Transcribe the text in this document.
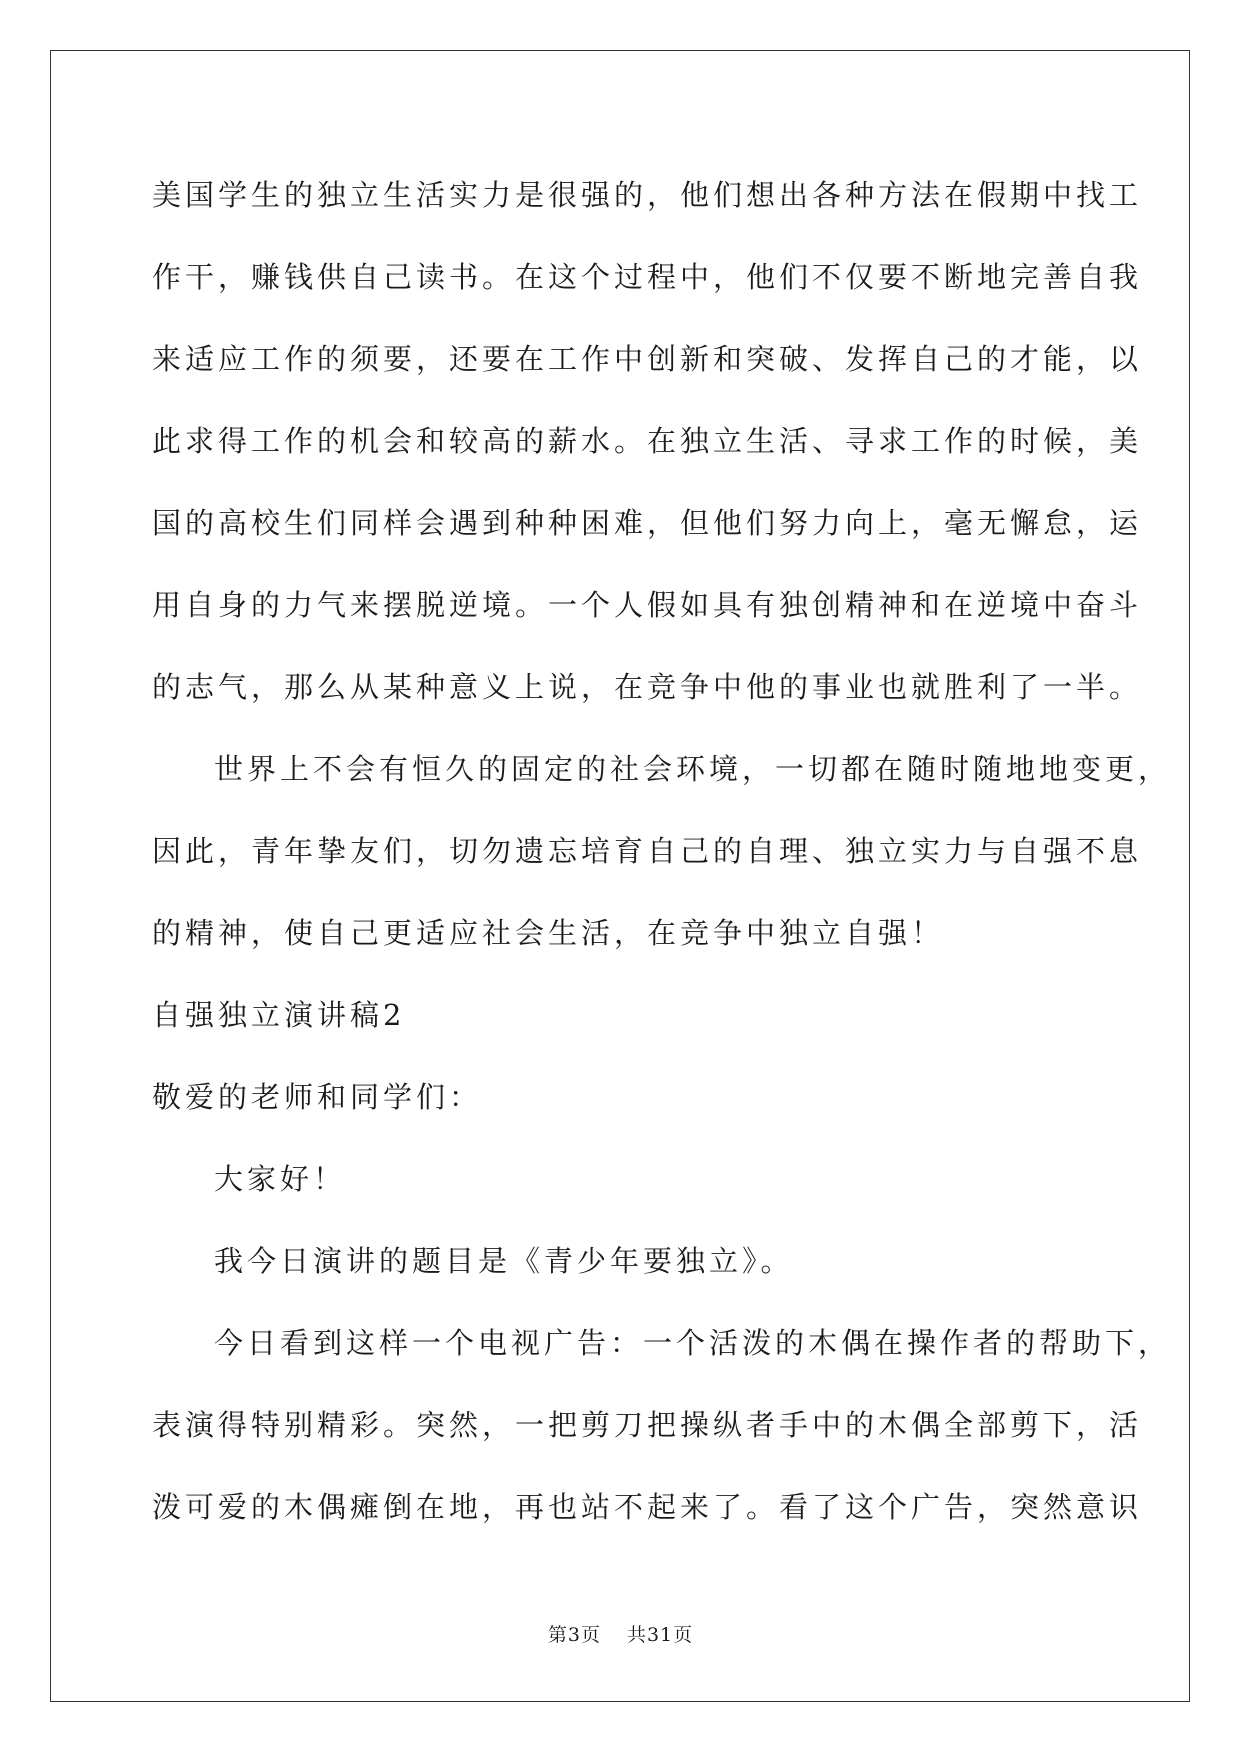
美国学生的独立生活实力是很强的，他们想出各种方法在假期中找工
作干，赚钱供自己读书。在这个过程中，他们不仅要不断地完善自我
来适应工作的须要，还要在工作中创新和突破、发挥自己的才能，以
此求得工作的机会和较高的薪水。在独立生活、寻求工作的时候，美
国的高校生们同样会遇到种种困难，但他们努力向上，毫无懈怠，运
用自身的力气来摆脱逆境。一个人假如具有独创精神和在逆境中奋斗
的志气，那么从某种意义上说，在竞争中他的事业也就胜利了一半。
世界上不会有恒久的固定的社会环境，一切都在随时随地地变更，
因此，青年挚友们，切勿遗忘培育自己的自理、独立实力与自强不息
的精神，使自己更适应社会生活，在竞争中独立自强！
自强独立演讲稿2
敬爱的老师和同学们：
大家好！
我今日演讲的题目是《青少年要独立》。
今日看到这样一个电视广告：一个活泼的木偶在操作者的帮助下，
表演得特别精彩。突然，一把剪刀把操纵者手中的木偶全部剪下，活
泼可爱的木偶瘫倒在地，再也站不起来了。看了这个广告，突然意识
第3页 共31页
